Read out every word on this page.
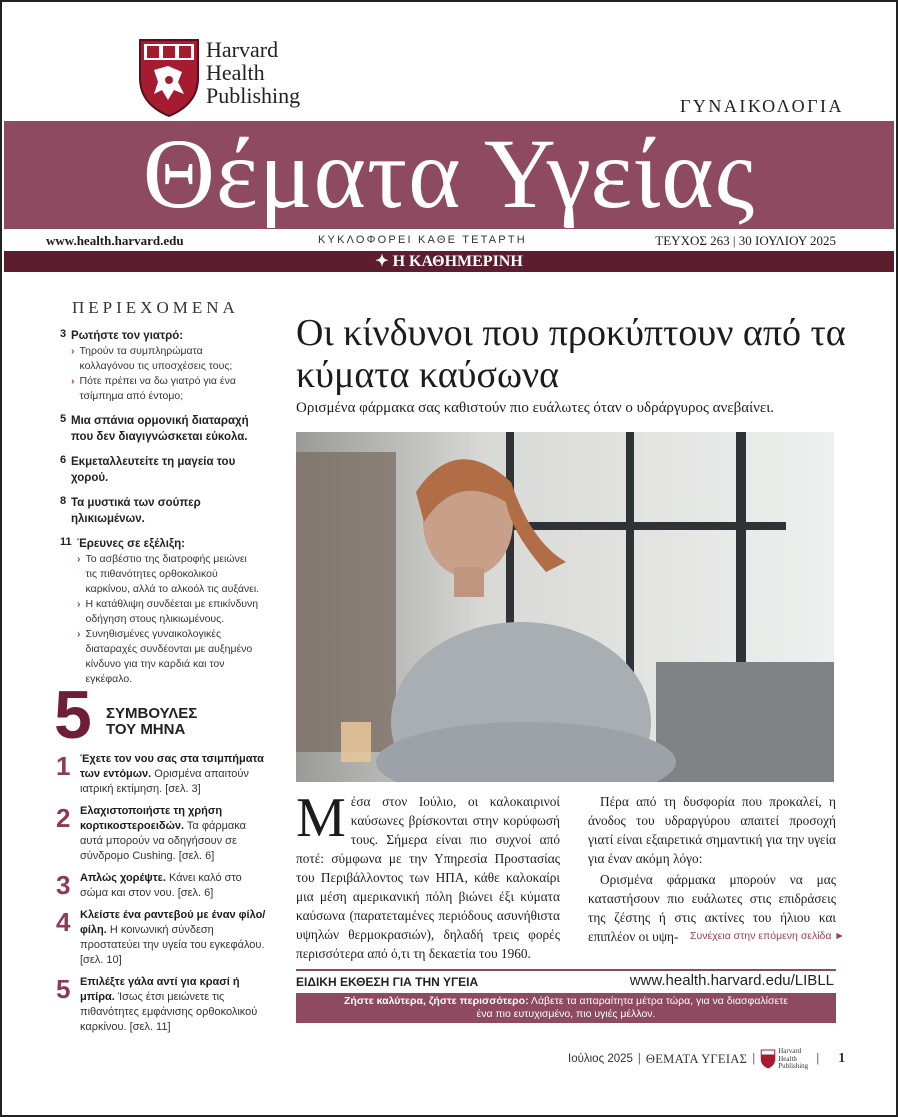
Harvard
Health
Publishing	ΓΥΝΑΙΚΟΛΟΓΙΑ
Θέματα Υγείας
www.health.harvard.edu	ΚΥΚΛΟΦΟΡΕΙ ΚΑΘΕ ΤΕΤΑΡΤΗ	ΤΕΥΧΟΣ 263 | 30 ΙΟΥΛΙΟΥ 2025
✦ Η ΚΑΘΗΜΕΡΙΝΗ
ΠΕΡΙΕΧΟΜΕΝΑ
3 Ρωτήστε τον γιατρό:
› Τηρούν τα συμπληρώματα κολλαγόνου τις υποσχέσεις τους;
› Πότε πρέπει να δω γιατρό για ένα τσίμπημα από έντομο;
5 Μια σπάνια ορμονική διαταραχή που δεν διαγιγνώσκεται εύκολα.
6 Εκμεταλλευτείτε τη μαγεία του χορού.
8 Τα μυστικά των σούπερ ηλικιωμένων.
11 Έρευνες σε εξέλιξη:
› Το ασβέστιο της διατροφής μειώνει τις πιθανότητες ορθοκολικού καρκίνου, αλλά το αλκοόλ τις αυξάνει.
› Η κατάθλιψη συνδέεται με επικίνδυνη οδήγηση στους ηλικιωμένους.
› Συνηθισμένες γυναικολογικές διαταραχές συνδέονται με αυξημένο κίνδυνο για την καρδιά και τον εγκέφαλο.
5 ΣΥΜΒΟΥΛΕΣ
ΤΟΥ ΜΗΝΑ
1 Έχετε τον νου σας στα τσιμπήματα των εντόμων. Ορισμένα απαιτούν ιατρική εκτίμηση. [σελ. 3]
2 Ελαχιστοποιήστε τη χρήση κορτικοστεροειδών. Τα φάρμακα αυτά μπορούν να οδηγήσουν σε σύνδρομο Cushing. [σελ. 6]
3 Απλώς χορέψτε. Κάνει καλό στο σώμα και στον νου. [σελ. 6]
4 Κλείστε ένα ραντεβού με έναν φίλο/φίλη. Η κοινωνική σύνδεση προστατεύει την υγεία του εγκεφάλου. [σελ. 10]
5 Επιλέξτε γάλα αντί για κρασί ή μπίρα. Ίσως έτσι μειώνετε τις πιθανότητες εμφάνισης ορθοκολικού καρκίνου. [σελ. 11]
Οι κίνδυνοι που προκύπτουν από τα κύματα καύσωνα
Ορισμένα φάρμακα σας καθιστούν πιο ευάλωτες όταν ο υδράργυρος ανεβαίνει.
Μ έσα στον Ιούλιο, οι καλοκαιρινοί καύσωνες βρίσκονται στην κορύφωσή τους. Σήμερα είναι πιο συχνοί από ποτέ: σύμφωνα με την Υπηρεσία Προστασίας του Περιβάλλοντος των ΗΠΑ, κάθε καλοκαίρι μια μέση αμερικανική πόλη βιώνει έξι κύματα καύσωνα (παρατεταμένες περιόδους ασυνήθιστα υψηλών θερμοκρασιών), δηλαδή τρεις φορές περισσότερα από ό,τι τη δεκαετία του 1960.

Πέρα από τη δυσφορία που προκαλεί, η άνοδος του υδραργύρου απαιτεί προσοχή γιατί είναι εξαιρετικά σημαντική για την υγεία για έναν ακόμη λόγο:

Ορισμένα φάρμακα μπορούν να μας καταστήσουν πιο ευάλωτες στις επιδράσεις της ζέστης ή στις ακτίνες του ήλιου και επιπλέον οι υψη-	Συνέχεια στην επόμενη σελίδα ►
ΕΙΔΙΚΗ ΕΚΘΕΣΗ ΓΙΑ ΤΗΝ ΥΓΕΙΑ	www.health.harvard.edu/LIBLL
Ζήστε καλύτερα, ζήστε περισσότερο: Λάβετε τα απαραίτητα μέτρα τώρα, για να διασφαλίσετε
ένα πιο ευτυχισμένο, πιο υγιές μέλλον.
Ιούλιος 2025 | ΘΕΜΑΤΑ ΥΓΕΙΑΣ |
Harvard
Health
Publishing
| 1
